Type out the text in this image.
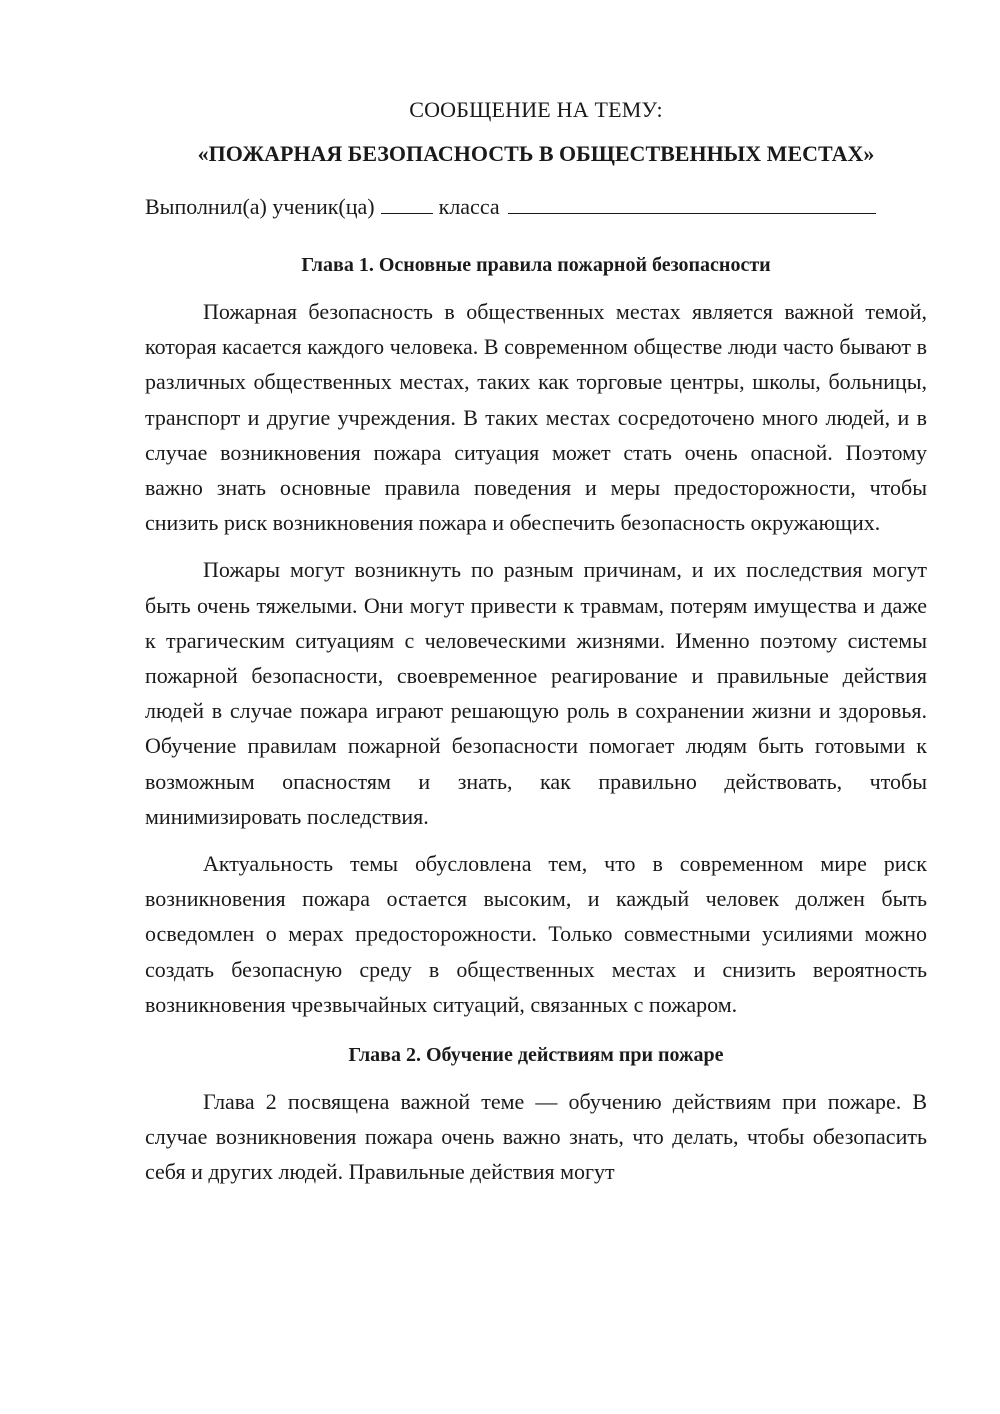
СООБЩЕНИЕ НА ТЕМУ:
«ПОЖАРНАЯ БЕЗОПАСНОСТЬ В ОБЩЕСТВЕННЫХ МЕСТАХ»
Выполнил(а) ученик(ца)	класса
Глава 1. Основные правила пожарной безопасности

Пожарная безопасность в общественных местах является важной темой, которая касается каждого человека. В современном обществе люди часто бывают в различных общественных местах, таких как торговые центры, школы, больницы, транспорт и другие учреждения. В таких местах сосредоточено много людей, и в случае возникновения пожара ситуация может стать очень опасной. Поэтому важно знать основные правила поведения и меры предосторожности, чтобы снизить риск возникновения пожара и обеспечить безопасность окружающих.

Пожары могут возникнуть по разным причинам, и их последствия могут быть очень тяжелыми. Они могут привести к травмам, потерям имущества и даже к трагическим ситуациям с человеческими жизнями. Именно поэтому системы пожарной безопасности, своевременное реагирование и правильные действия людей в случае пожара играют решающую роль в сохранении жизни и здоровья. Обучение правилам пожарной безопасности помогает людям быть готовыми к возможным опасностям и знать, как правильно действовать, чтобы минимизировать последствия.

Актуальность темы обусловлена тем, что в современном мире риск возникновения пожара остается высоким, и каждый человек должен быть осведомлен о мерах предосторожности. Только совместными усилиями можно создать безопасную среду в общественных местах и снизить вероятность возникновения чрезвычайных ситуаций, связанных с пожаром.

Глава 2. Обучение действиям при пожаре

Глава 2 посвящена важной теме — обучению действиям при пожаре. В случае возникновения пожара очень важно знать, что делать, чтобы обезопасить себя и других людей. Правильные действия могут
